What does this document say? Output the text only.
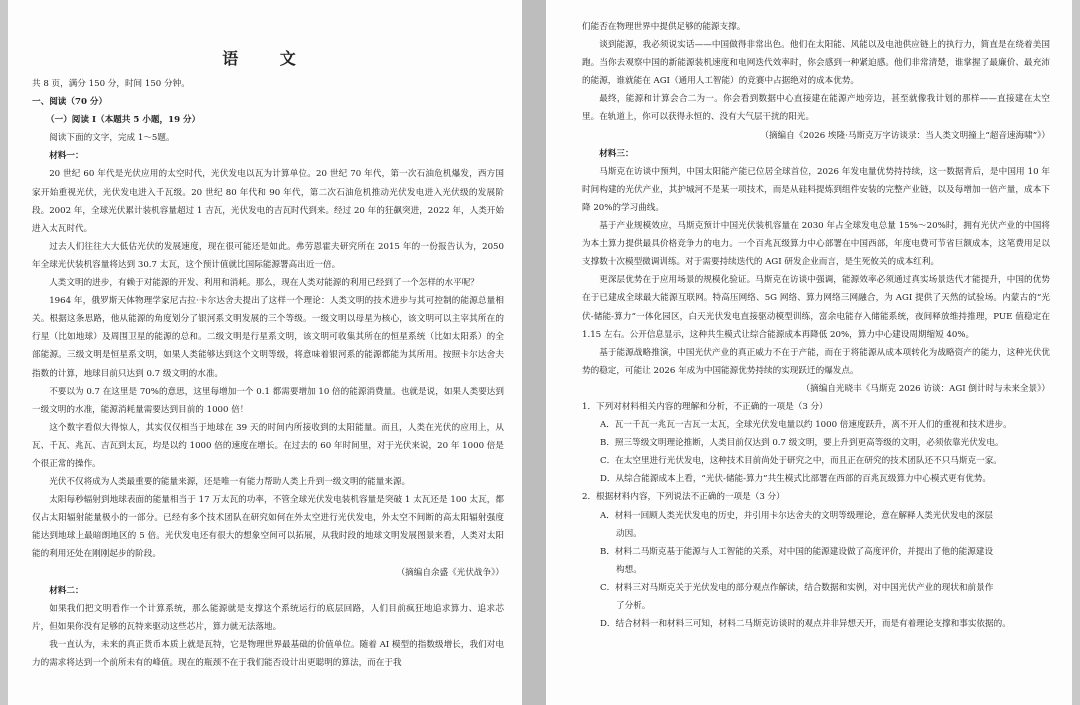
语 文

共 8 页，满分 150 分，时间 150 分钟。

一、阅读（70 分）

（一）阅读 I（本题共 5 小题，19 分）

阅读下面的文字，完成 1～5题。

材料一：

20 世纪 60 年代是光伏应用的太空时代，光伏发电以瓦为计算单位。20 世纪 70 年代，第一次石油危机爆发，西方国家开始重视光伏，光伏发电进入千瓦级。20 世纪 80 年代和 90 年代，第二次石油危机推动光伏发电进入光伏级的发展阶段。2002 年，全球光伏累计装机容量超过 1 吉瓦，光伏发电的吉瓦时代到来。经过 20 年的狂飙突进，2022 年，人类开始进入太瓦时代。

过去人们往往大大低估光伏的发展速度，现在很可能还是如此。弗劳恩霍夫研究所在 2015 年的一份报告认为，2050 年全球光伏装机容量将达到 30.7 太瓦，这个预计值就比国际能源署高出近一倍。

人类文明的进步，有赖于对能源的开发、利用和消耗。那么，现在人类对能源的利用已经到了一个怎样的水平呢？

1964 年，俄罗斯天体物理学家尼古拉·卡尔达舍夫提出了这样一个理论：人类文明的技术进步与其可控制的能源总量相关。根据这条思路，他从能源的角度划分了银河系文明发展的三个等级。一级文明以母星为核心，该文明可以主宰其所在的行星（比如地球）及周围卫星的能源的总和。二级文明是行星系文明，该文明可收集其所在的恒星系统（比如太阳系）的全部能源。三级文明是恒星系文明，如果人类能够达到这个文明等级，将意味着银河系的能源都能为其所用。按照卡尔达舍夫指数的计算，地球目前只达到 0.7 级文明的水准。

不要以为 0.7 在这里是 70%的意思，这里每增加一个 0.1 都需要增加 10 倍的能源消费量。也就是说，如果人类要达到一级文明的水准，能源消耗量需要达到目前的 1000 倍！

这个数字看似大得惊人，其实仅仅相当于地球在 39 天的时间内所接收到的太阳能量。而且，人类在光伏的应用上，从瓦、千瓦、兆瓦、吉瓦到太瓦，均是以约 1000 倍的速度在增长。在过去的 60 年时间里，对于光伏来说，20 年 1000 倍是个很正常的操作。

光伏不仅将成为人类最重要的能量来源，还是唯一有能力帮助人类上升到一级文明的能量来源。

太阳每秒辐射到地球表面的能量相当于 17 万太瓦的功率，不管全球光伏发电装机容量是突破 1 太瓦还是 100 太瓦，都仅占太阳辐射能量极小的一部分。已经有多个技术团队在研究如何在外太空进行光伏发电，外太空不间断的高太阳辐射强度能达到地球上最暗朗地区的 5 倍。光伏发电还有很大的想象空间可以拓展，从我时段的地球文明发展图景来看，人类对太阳能的利用还处在刚刚起步的阶段。

（摘编自余盛《光伏战争》）

材料二：

如果我们把文明看作一个计算系统，那么能源就是支撑这个系统运行的底层回路，人们目前疯狂地追求算力、追求芯片，但如果你没有足够的瓦特来驱动这些芯片，算力就无法落地。

我一直认为，未来的真正货币本质上就是瓦特，它是物理世界最基础的价值单位。随着 AI 模型的指数级增长，我们对电力的需求将达到一个前所未有的峰值。现在的瓶颈不在于我们能否设计出更聪明的算法，而在于我

们能否在物理世界中提供足够的能源支撑。

谈到能源，我必须说实话——中国做得非常出色。他们在太阳能、风能以及电池供应链上的执行力，简直是在绕着美国跑。当你去观察中国的新能源装机速度和电网迭代效率时，你会感到一种紧迫感。他们非常清楚，谁掌握了最廉价、最充沛的能源，谁就能在 AGI（通用人工智能）的竞赛中占据绝对的成本优势。

最终，能源和计算会合二为一。你会看到数据中心直接建在能源产地旁边，甚至就像我计划的那样——直接建在太空里。在轨道上，你可以获得永恒的、没有大气层干扰的阳光。

（摘编自《2026 埃隆·马斯克万字访谈录：当人类文明撞上“超音速海啸”》）

材料三：

马斯克在访谈中预判，中国太阳能产能已位居全球首位，2026 年发电量优势持持续，这一数据背后，是中国用 10 年时间构建的光伏产业，其护城河不是某一项技术，而是从硅料提炼到组件安装的完整产业链，以及每增加一倍产量，成本下降 20%的学习曲线。

基于产业规模效应，马斯克预计中国光伏装机容量在 2030 年占全球发电总量 15%～20%时，拥有光伏产业的中国将为本土算力提供最具价格竞争力的电力。一个百兆瓦级算力中心部署在中国西部，年度电费可节省巨额成本，这笔费用足以支撑数十次模型微调训练。对于需要持续迭代的 AGI 研发企业而言，是生死攸关的成本红利。

更深层优势在于应用场景的规模化验证。马斯克在访谈中强调，能源效率必须通过真实场景迭代才能提升，中国的优势在于已建成全球最大能源互联网。特高压网络、5G 网络、算力网络三网融合，为 AGI 提供了天然的试验场。内蒙古的“光伏-储能-算力”一体化园区，白天光伏发电直接驱动模型训练，富余电能存入储能系统，夜间释放维持推理，PUE 值稳定在 1.15 左右。公开信息显示，这种共生模式让综合能源成本再降低 20%，算力中心建设周期缩短 40%。

基于能源战略推演，中国光伏产业的真正威力不在于产能，而在于将能源从成本项转化为战略资产的能力，这种光伏优势的稳定，可能让 2026 年成为中国能源优势持续的实现跃迁的爆发点。

（摘编自光晓丰《马斯克 2026 访谈：AGI 倒计时与未来全景》）

1．下列对材料相关内容的理解和分析，不正确的一项是（3 分）

A．瓦一千瓦一兆瓦一吉瓦一太瓦，全球光伏发电量以约 1000 倍速度跃升，离不开人们的重视和技术进步。

B．照三等级文明理论推断，人类目前仅达到 0.7 级文明，要上升到更高等级的文明，必须依靠光伏发电。

C．在太空里进行光伏发电，这种技术目前尚处于研究之中，而且正在研究的技术团队还不只马斯克一家。

D．从综合能源成本上看，“光伏-储能-算力”共生模式比部署在西部的百兆瓦级算力中心模式更有优势。

2．根据材料内容，下列说法不正确的一项是（3 分）

A．材料一回顾人类光伏发电的历史，并引用卡尔达舍夫的文明等级理论，意在解释人类光伏发电的深层

动因。

B．材料二马斯克基于能源与人工智能的关系，对中国的能源建设做了高度评价，并提出了他的能源建设

构想。

C．材料三对马斯克关于光伏发电的部分观点作解读，结合数据和实例，对中国光伏产业的现状和前景作

了分析。

D．结合材料一和材料三可知，材料二马斯克访谈时的观点并非异想天开，而是有着理论支撑和事实依据的。
